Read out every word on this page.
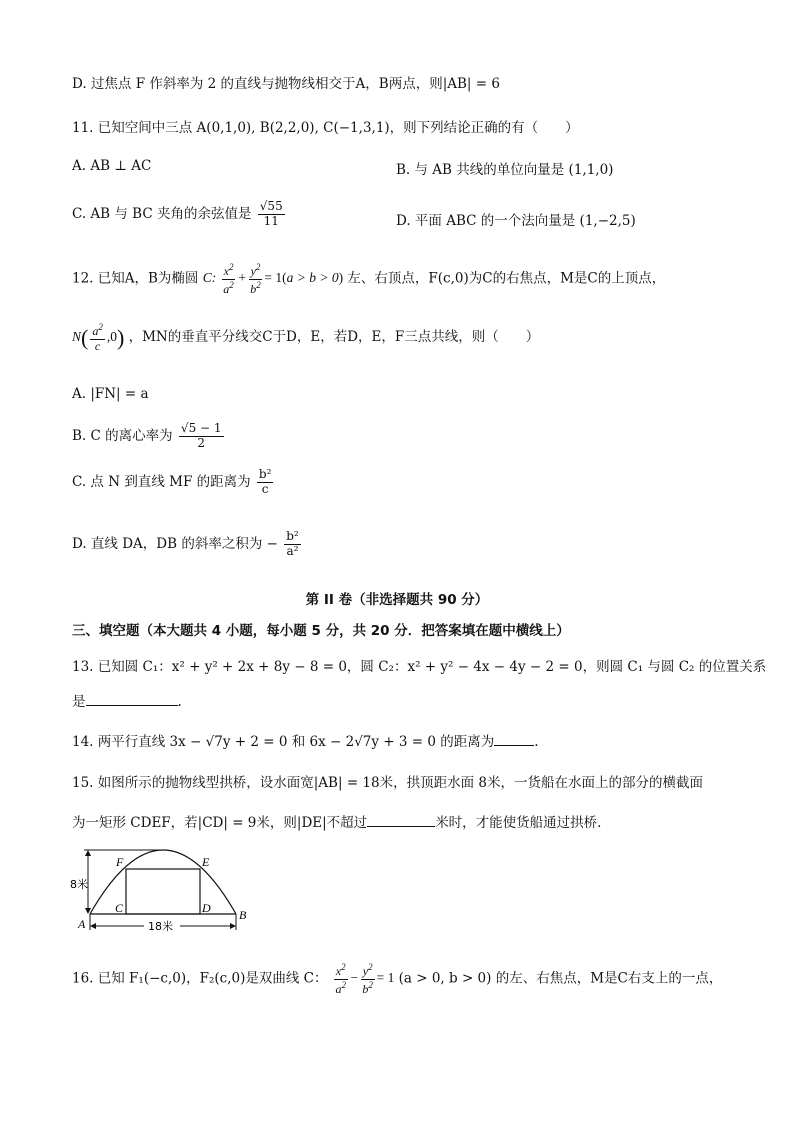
D. 过焦点 F 作斜率为 2 的直线与抛物线相交于A，B两点，则|AB| = 6
11. 已知空间中三点 A(0,1,0), B(2,2,0), C(−1,3,1)，则下列结论正确的有（　　）
A. AB ⊥ AC	B. 与 AB 共线的单位向量是 (1,1,0)
C. AB 与 BC 夹角的余弦值是 $\frac{√55}{11}$	D. 平面 ABC 的一个法向量是 (1,−2,5)
12. 已知A，B为椭圆 C: $\frac{x^2}{a^2} + \frac{y^2}{b^2} = 1(a > b > 0)$ 左、右顶点，F(c,0)为C的右焦点，M是C的上顶点，
$N( \frac{a^2}{c} ,0)$ ，MN的垂直平分线交C于D，E，若D，E，F三点共线，则（　　）
A. |FN| = a
B. C 的离心率为 $\frac{√5 - 1}{2}$
C. 点 N 到直线 MF 的距离为 $\frac{\text{b²}}{c}$
D. 直线 DA，DB 的斜率之积为 − $\frac{\text{b²}}{\text{a²}}$
第 II 卷（非选择题共 90 分）
三、填空题（本大题共 4 小题，每小题 5 分，共 20 分．把答案填在题中横线上）
13. 已知圆 C₁：x² + y² + 2x + 8y − 8 = 0，圆 C₂：x² + y² − 4x − 4y − 2 = 0，则圆 C₁ 与圆 C₂ 的位置关系
是	.
14. 两平行直线 3x − √7y + 2 = 0 和 6x − 2√7y + 3 = 0 的距离为	.
15. 如图所示的抛物线型拱桥，设水面宽|AB| = 18米，拱顶距水面 8米，一货船在水面上的部分的横截面
为一矩形 CDEF，若|CD| = 9米，则|DE|不超过	米时，才能使货船通过拱桥.
F	E
C	D
A
B
8米
18米
16. 已知 F₁(−c,0)，F₂(c,0)是双曲线 C： $\frac{x^2}{a^2} - \frac{y^2}{b^2} = 1$ (a > 0, b > 0) 的左、右焦点，M是C右支上的一点，
